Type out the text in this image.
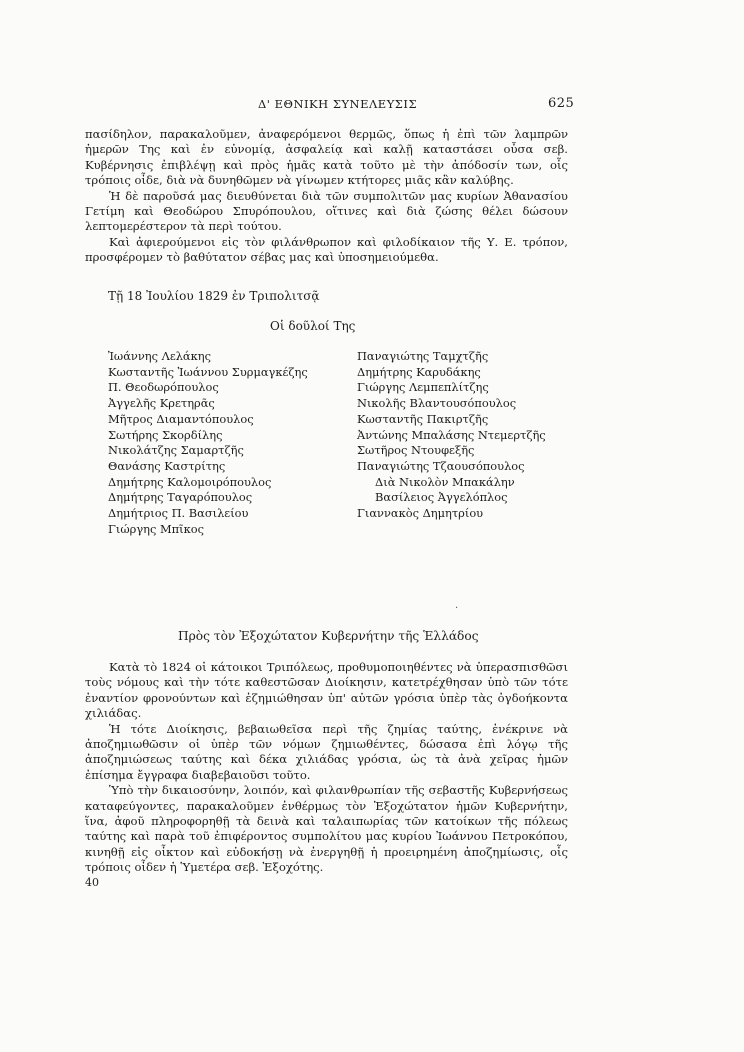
Δ' ΕΘΝΙΚΗ ΣΥΝΕΛΕΥΣΙΣ	625

πασίδηλον, παρακαλοῦμεν, ἀναφερόμενοι θερμῶς, ὅπως ἡ ἐπὶ τῶν λαμπρῶν ἡμερῶν Της καὶ ἐν εὐνομίᾳ, ἀσφαλείᾳ καὶ καλῇ καταστάσει οὖσα σεβ. Κυβέρνησις ἐπιβλέψῃ καὶ πρὸς ἡμᾶς κατὰ τοῦτο μὲ τὴν ἀπόδοσίν των, οἷς τρόποις οἶδε, διὰ νὰ δυνηθῶμεν νὰ γίνωμεν κτήτορες μιᾶς κἂν καλύβης.

Ἡ δὲ παροῦσά μας διευθύνεται διὰ τῶν συμπολιτῶν μας κυρίων Ἀθανασίου Γετίμη καὶ Θεοδώρου Σπυρόπουλου, οἵτινες καὶ διὰ ζώσης θέλει δώσουν λεπτομερέστερον τὰ περὶ τούτου.

Καὶ ἀφιερούμενοι εἰς τὸν φιλάνθρωπον καὶ φιλοδίκαιον τῆς Υ. Ε. τρόπον, προσφέρομεν τὸ βαθύτατον σέβας μας καὶ ὑποσημειούμεθα.

Τῇ 18 Ἰουλίου 1829 ἐν Τριπολιτσᾷ
Οἱ δοῦλοί Της
Ἰωάννης Λελάκης
Κωσταντῆς Ἰωάννου Συρμαγκέζης
Π. Θεοδωρόπουλος
Ἀγγελῆς Κρετηρᾶς
Μῆτρος Διαμαντόπουλος
Σωτήρης Σκορδίλης
Νικολάτζης Σαμαρτζῆς
Θανάσης Καστρίτης
Δημήτρης Καλομοιρόπουλος
Δημήτρης Ταγαρόπουλος
Δημήτριος Π. Βασιλείου
Γιώργης Μπῖκος
Παναγιώτης Ταμχτζῆς
Δημήτρης Καρυδάκης
Γιώργης Λεμπεπλίτζης
Νικολῆς Βλαντουσόπουλος
Κωσταντῆς Πακιρτζῆς
Ἀντώνης Μπαλάσης Ντεμερτζῆς
Σωτῆρος Ντουφεξῆς
Παναγιώτης Τζαουσόπουλος
Διὰ Νικολὸν Μπακάλην
Βασίλειος Ἀγγελόπλος
Γιαννακὸς Δημητρίου
·
Πρὸς τὸν Ἐξοχώτατον Κυβερνήτην τῆς Ἑλλάδος

Κατὰ τὸ 1824 οἱ κάτοικοι Τριπόλεως, προθυμοποιηθέντες νὰ ὑπερασπισθῶσι τοὺς νόμους καὶ τὴν τότε καθεστῶσαν Διοίκησιν, κατετρέχθησαν ὑπὸ τῶν τότε ἐναντίον φρονούντων καὶ ἐζημιώθησαν ὑπ' αὐτῶν γρόσια ὑπὲρ τὰς ὀγδοήκοντα χιλιάδας.

Ἡ τότε Διοίκησις, βεβαιωθεῖσα περὶ τῆς ζημίας ταύτης, ἐνέκρινε νὰ ἀποζημιωθῶσιν οἱ ὑπὲρ τῶν νόμων ζημιωθέντες, δώσασα ἐπὶ λόγῳ τῆς ἀποζημιώσεως ταύτης καὶ δέκα χιλιάδας γρόσια, ὡς τὰ ἀνὰ χεῖρας ἡμῶν ἐπίσημα ἔγγραφα διαβεβαιοῦσι τοῦτο.

Ὑπὸ τὴν δικαιοσύνην, λοιπόν, καὶ φιλανθρωπίαν τῆς σεβαστῆς Κυβερνήσεως καταφεύγοντες, παρακαλοῦμεν ἐνθέρμως τὸν Ἐξοχώτατον ἡμῶν Κυβερνήτην, ἵνα, ἀφοῦ πληροφορηθῇ τὰ δεινὰ καὶ ταλαιπωρίας τῶν κατοίκων τῆς πόλεως ταύτης καὶ παρὰ τοῦ ἐπιφέροντος συμπολίτου μας κυρίου Ἰωάννου Πετροκόπου, κινηθῇ εἰς οἶκτον καὶ εὐδοκήσῃ νὰ ἐνεργηθῇ ἡ προειρημένη ἀποζημίωσις, οἷς τρόποις οἶδεν ἡ Ὑμετέρα σεβ. Ἐξοχότης.

40
